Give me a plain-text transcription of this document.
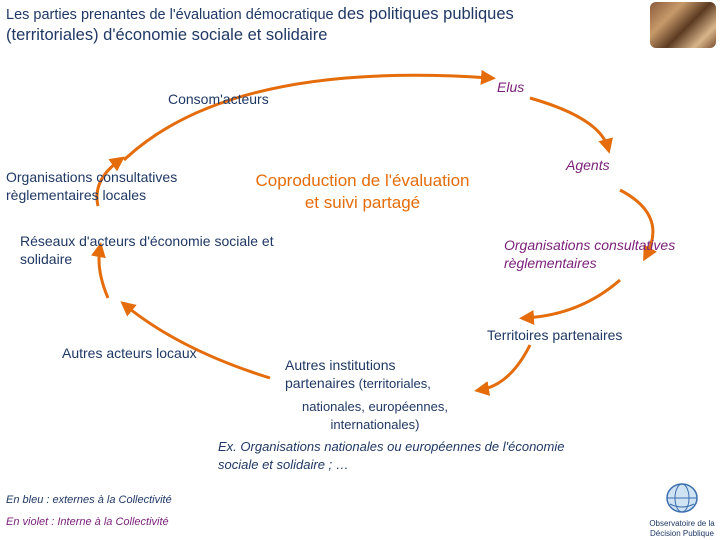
Les parties prenantes de l'évaluation démocratique des politiques publiques
(territoriales) d'économie sociale et solidaire
Consom'acteurs
Organisations consultatives
règlementaires locales
Réseaux d'acteurs d'économie sociale et
solidaire
Autres acteurs locaux
Coproduction de l'évaluation
et suivi partagé
Elus
Agents
Organisations consultatives
règlementaires
Territoires partenaires
Autres institutions
partenaires (territoriales,
nationales, européennes,
internationales)
Ex. Organisations nationales ou européennes de l'économie
sociale et solidaire ; …
En bleu : externes à la Collectivité
En violet : Interne à la Collectivité	Observatoire de la
Décision Publique
